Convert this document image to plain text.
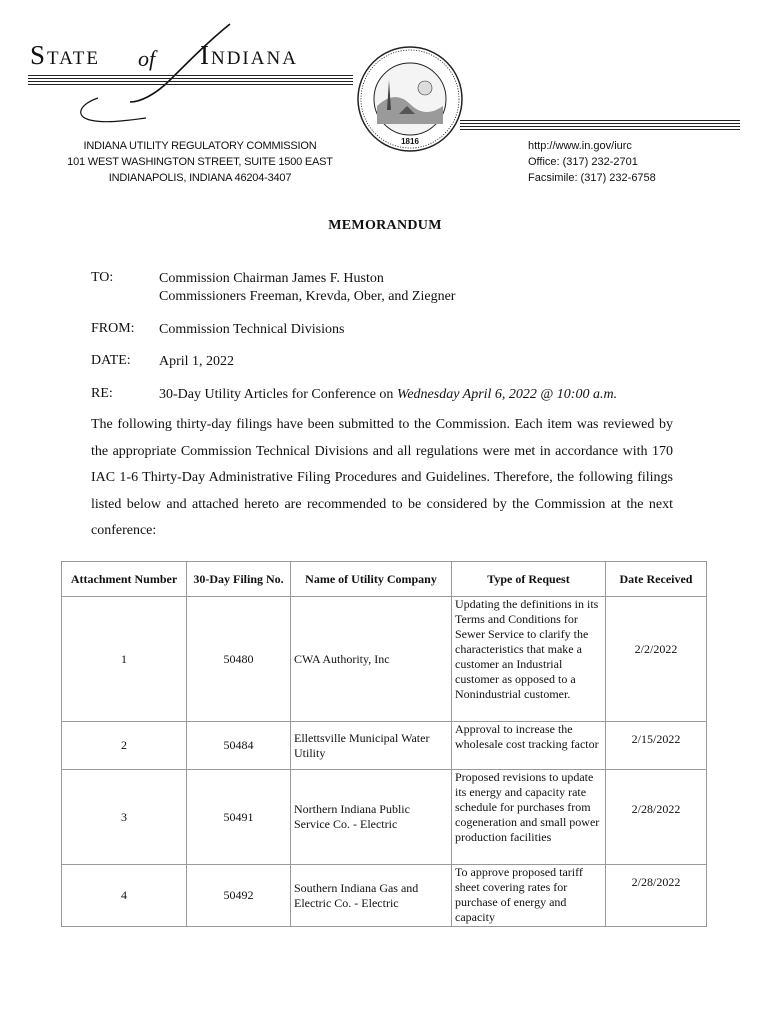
State of Indiana
1816
INDIANA UTILITY REGULATORY COMMISSION
101 WEST WASHINGTON STREET, SUITE 1500 EAST
INDIANAPOLIS, INDIANA 46204-3407
http://www.in.gov/iurc
Office: (317) 232-2701
Facsimile: (317) 232-6758
MEMORANDUM
TO:	Commission Chairman James F. Huston
Commissioners Freeman, Krevda, Ober, and Ziegner
FROM: Commission Technical Divisions
DATE: April 1, 2022
RE:	30-Day Utility Articles for Conference on Wednesday April 6, 2022 @ 10:00 a.m.
The following thirty-day filings have been submitted to the Commission. Each item was reviewed by the appropriate Commission Technical Divisions and all regulations were met in accordance with 170 IAC 1-6 Thirty-Day Administrative Filing Procedures and Guidelines. Therefore, the following filings listed below and attached hereto are recommended to be considered by the Commission at the next conference:
Attachment Number	30-Day Filing No.	Name of Utility Company	Type of Request	Date Received
1	50480	CWA Authority, Inc	Updating the definitions in its Terms and Conditions for Sewer Service to clarify the characteristics that make a customer an Industrial customer as opposed to a Nonindustrial customer.	2/2/2022
2	50484	Ellettsville Municipal Water Utility	Approval to increase the wholesale cost tracking factor	2/15/2022
3	50491	Northern Indiana Public Service Co. - Electric	Proposed revisions to update its energy and capacity rate schedule for purchases from cogeneration and small power production facilities	2/28/2022
4	50492	Southern Indiana Gas and Electric Co. - Electric	To approve proposed tariff sheet covering rates for purchase of energy and capacity	2/28/2022
